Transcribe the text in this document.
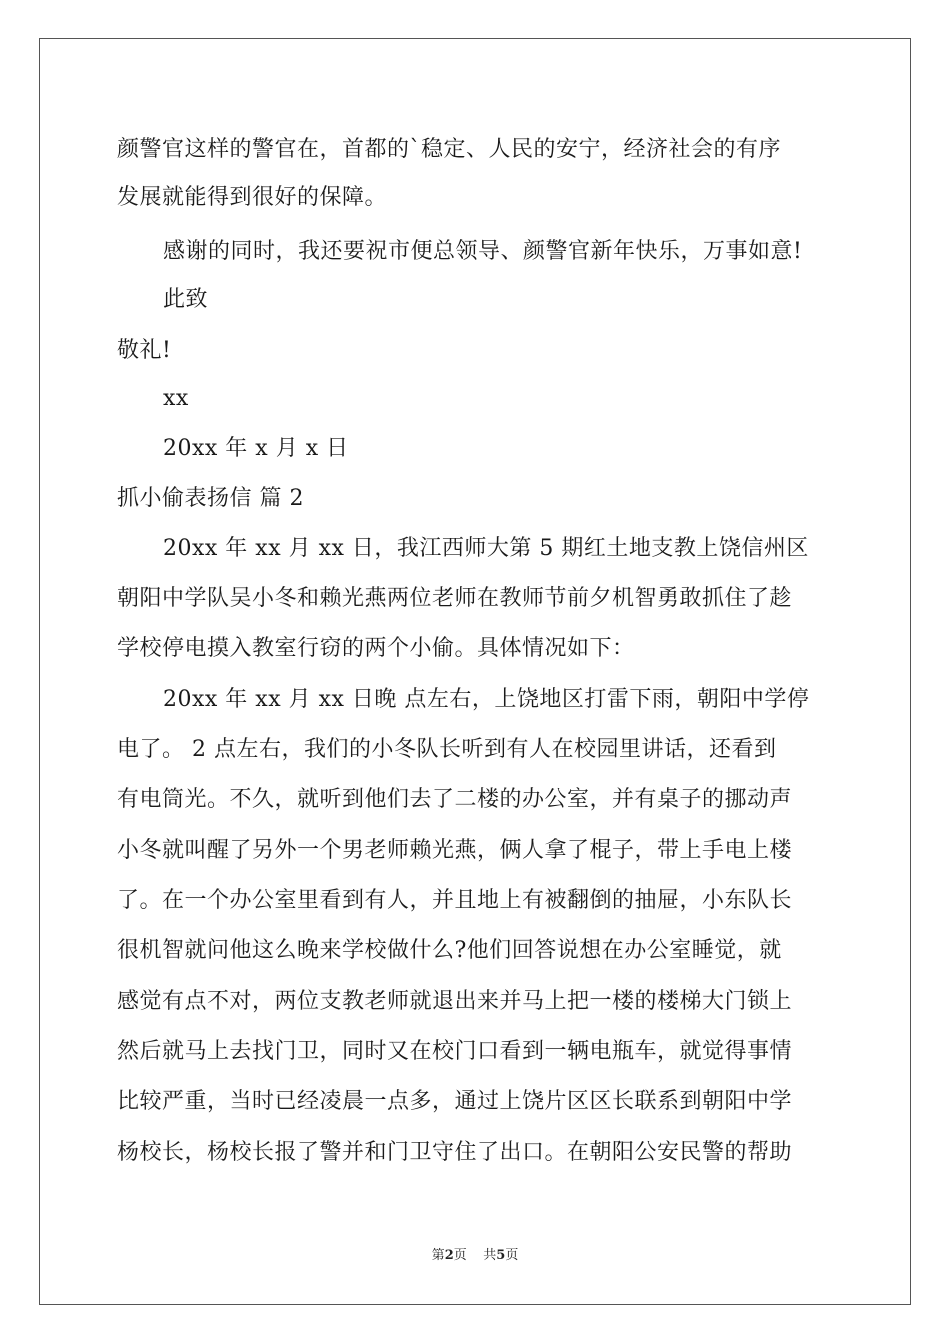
颜警官这样的警官在，首都的`稳定、人民的安宁，经济社会的有序
发展就能得到很好的保障。
感谢的同时，我还要祝市便总领导、颜警官新年快乐，万事如意!
此致
敬礼!
xx
20xx 年 x 月 x 日
抓小偷表扬信 篇 2
20xx 年 xx 月 xx 日，我江西师大第 5 期红土地支教上饶信州区
朝阳中学队吴小冬和赖光燕两位老师在教师节前夕机智勇敢抓住了趁
学校停电摸入教室行窃的两个小偷。具体情况如下：
20xx 年 xx 月 xx 日晚 点左右，上饶地区打雷下雨，朝阳中学停
电了。 2 点左右，我们的小冬队长听到有人在校园里讲话，还看到
有电筒光。不久，就听到他们去了二楼的办公室，并有桌子的挪动声
小冬就叫醒了另外一个男老师赖光燕，俩人拿了棍子，带上手电上楼
了。在一个办公室里看到有人，并且地上有被翻倒的抽屉，小东队长
很机智就问他这么晚来学校做什么?他们回答说想在办公室睡觉，就
感觉有点不对，两位支教老师就退出来并马上把一楼的楼梯大门锁上
然后就马上去找门卫，同时又在校门口看到一辆电瓶车，就觉得事情
比较严重，当时已经凌晨一点多，通过上饶片区区长联系到朝阳中学
杨校长，杨校长报了警并和门卫守住了出口。在朝阳公安民警的帮助
第2页    共5页
